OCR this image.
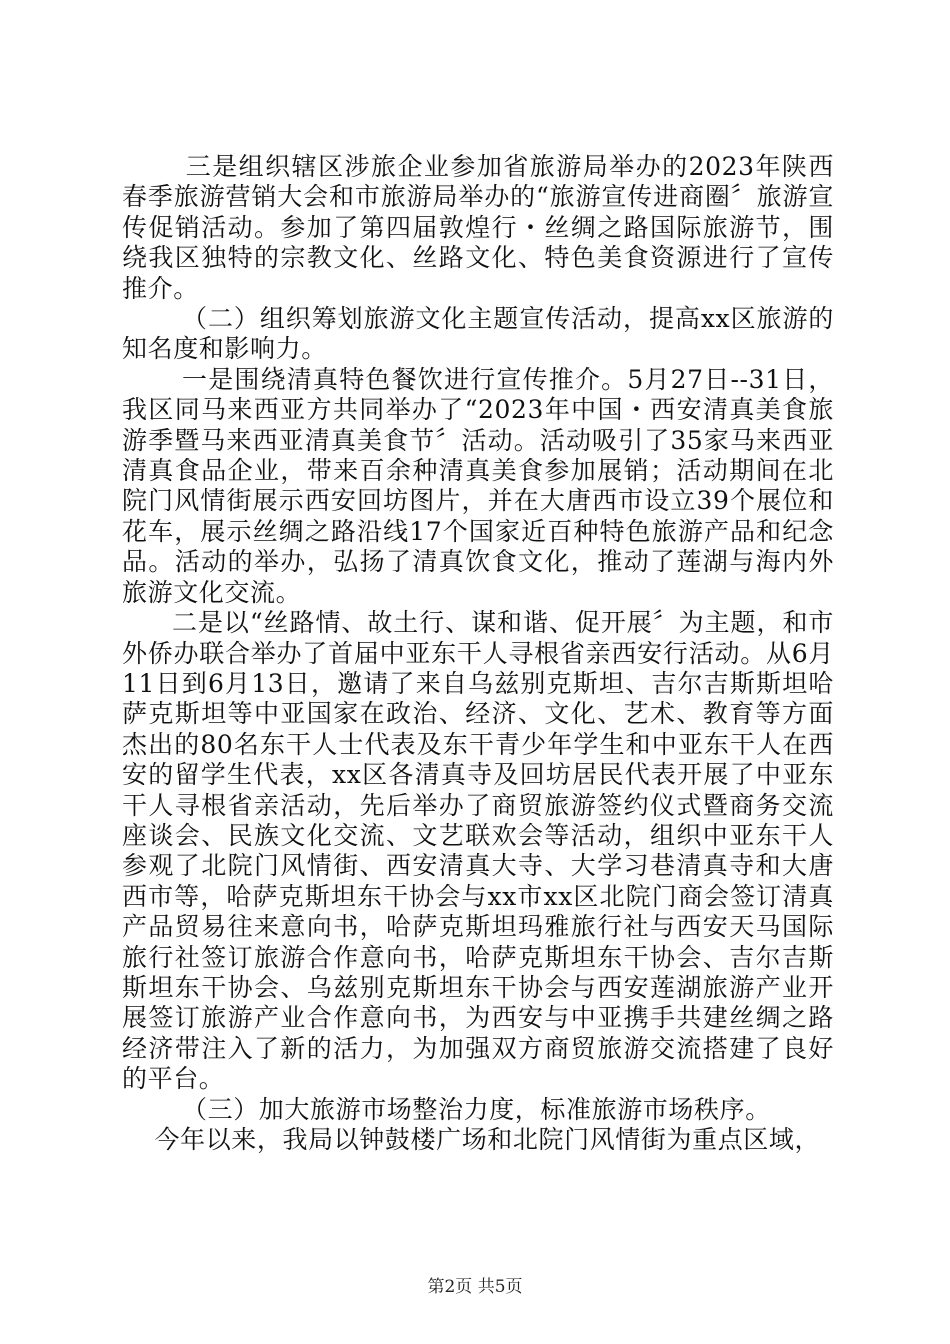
三是组织辖区涉旅企业参加省旅游局举办的2023年陕西春季旅游营销大会和市旅游局举办的“旅游宣传进商圈〞旅游宣传促销活动。参加了第四届敦煌行・丝绸之路国际旅游节，围绕我区独特的宗教文化、丝路文化、特色美食资源进行了宣传推介。

（二）组织筹划旅游文化主题宣传活动，提高xx区旅游的知名度和影响力。

一是围绕清真特色餐饮进行宣传推介。5月27日--31日，我区同马来西亚方共同举办了“2023年中国・西安清真美食旅游季暨马来西亚清真美食节〞活动。活动吸引了35家马来西亚清真食品企业，带来百余种清真美食参加展销；活动期间在北院门风情街展示西安回坊图片，并在大唐西市设立39个展位和花车，展示丝绸之路沿线17个国家近百种特色旅游产品和纪念品。活动的举办，弘扬了清真饮食文化，推动了莲湖与海内外旅游文化交流。

二是以“丝路情、故土行、谋和谐、促开展〞为主题，和市外侨办联合举办了首届中亚东干人寻根省亲西安行活动。从6月11日到6月13日，邀请了来自乌兹别克斯坦、吉尔吉斯斯坦哈萨克斯坦等中亚国家在政治、经济、文化、艺术、教育等方面杰出的80名东干人士代表及东干青少年学生和中亚东干人在西安的留学生代表，xx区各清真寺及回坊居民代表开展了中亚东干人寻根省亲活动，先后举办了商贸旅游签约仪式暨商务交流座谈会、民族文化交流、文艺联欢会等活动，组织中亚东干人参观了北院门风情街、西安清真大寺、大学习巷清真寺和大唐西市等，哈萨克斯坦东干协会与xx市xx区北院门商会签订清真产品贸易往来意向书，哈萨克斯坦玛雅旅行社与西安天马国际旅行社签订旅游合作意向书，哈萨克斯坦东干协会、吉尔吉斯斯坦东干协会、乌兹别克斯坦东干协会与西安莲湖旅游产业开展签订旅游产业合作意向书，为西安与中亚携手共建丝绸之路经济带注入了新的活力，为加强双方商贸旅游交流搭建了良好的平台。

（三）加大旅游市场整治力度，标准旅游市场秩序。

今年以来，我局以钟鼓楼广场和北院门风情街为重点区域，

第2页 共5页
